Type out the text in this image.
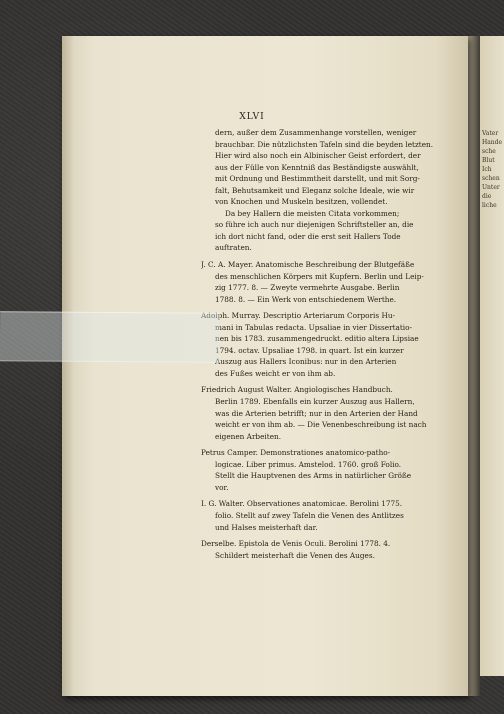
Vater
Hande
sche
Blut
Ich
schen
Unter
die
liche
XLVI
dern, außer dem Zusammenhange vorstellen, weniger
brauchbar. Die nützlichsten Tafeln sind die beyden letzten.
Hier wird also noch ein Albinischer Geist erfordert, der
aus der Fülle von Kenntniß das Beständigste auswählt,
mit Ordnung und Bestimmtheit darstellt, und mit Sorg-
falt, Behutsamkeit und Eleganz solche Ideale, wie wir
von Knochen und Muskeln besitzen, vollendet.
Da bey Hallern die meisten Citata vorkommen;
so führe ich auch nur diejenigen Schriftsteller an, die
ich dort nicht fand, oder die erst seit Hallers Tode
auftraten.
J. C. A. Mayer. Anatomische Beschreibung der Blutgefäße
des menschlichen Körpers mit Kupfern. Berlin und Leip-
zig 1777. 8. — Zweyte vermehrte Ausgabe. Berlin
1788. 8. — Ein Werk von entschiedenem Werthe.
Adolph. Murray. Descriptio Arteriarum Corporis Hu-
mani in Tabulas redacta. Upsaliae in vier Dissertatio-
nen bis 1783. zusammengedruckt. editio altera Lipsiae
1794. octav. Upsaliae 1798. in quart. Ist ein kurzer
Auszug aus Hallers Iconibus: nur in den Arterien
des Fußes weicht er von ihm ab.
Friedrich August Walter. Angiologisches Handbuch.
Berlin 1789. Ebenfalls ein kurzer Auszug aus Hallern,
was die Arterien betrifft; nur in den Arterien der Hand
weicht er von ihm ab. — Die Venenbeschreibung ist nach
eigenen Arbeiten.
Petrus Camper. Demonstrationes anatomico-patho-
logicae. Liber primus. Amstelod. 1760. groß Folio.
Stellt die Hauptvenen des Arms in natürlicher Größe
vor.
I. G. Walter. Observationes anatomicae. Berolini 1775.
folio. Stellt auf zwey Tafeln die Venen des Antlitzes
und Halses meisterhaft dar.
Derselbe. Epistola de Venis Oculi. Berolini 1778. 4.
Schildert meisterhaft die Venen des Auges.
